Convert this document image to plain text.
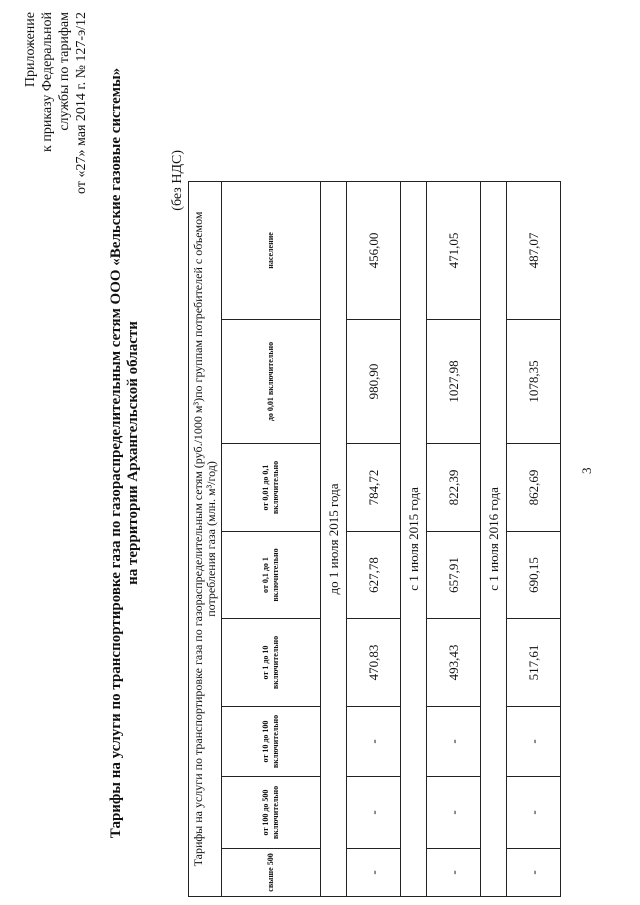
Приложение к приказу Федеральной службы по тарифам от «27» мая 2014 г. № 127-э/12 Тарифы на услуги по транспортировке газа по газораспределительным сетям ООО «Вельские газовые системы» на территории Архангельской области
(без НДС)
Тарифы на услуги по транспортировке газа по газораспределительным сетям (руб./1000 м³)по группам потребителей с объемом потребления газа (млн. м³/год)							
свыше 500	от 100 до 500 включительно	от 10 до 100 включительно	от 1 до 10 включительно	от 0,1 до 1 включительно	от 0,01 до 0,1 включительно	до 0,01 включительно	население
до 1 июля 2015 года							
-	-	-	470,83	627,78	784,72	980,90	456,00
с 1 июля 2015 года							
-	-	-	493,43	657,91	822,39	1027,98	471,05
с 1 июля 2016 года							
-	-	-	517,61	690,15	862,69	1078,35	487,07
3
